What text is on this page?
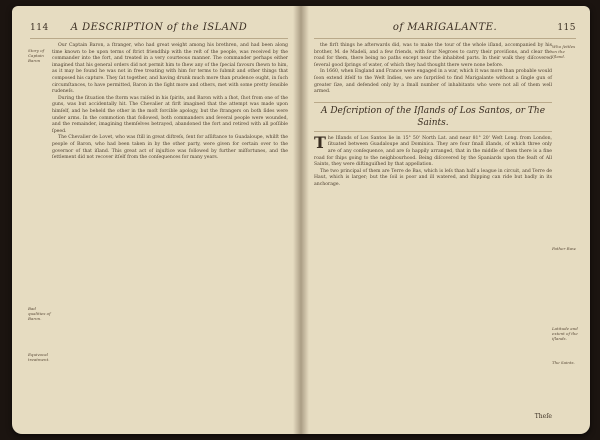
114	A DESCRIPTION of the ISLAND
Story of Captain Baron
Bad qualities of Baron.
Equivocal treatment.

Our Captain Baron, a ſtranger, who had great weight among his brethren, and had been along time known to be upon terms of ſtrict friendſhip with the reſt of the people, was received by the commander into the fort, and treated in a very courteous manner. The commander perhaps either imagined that his general orders did not permit him to ſhew any of the ſpecial favours ſhewn to him, as it may be found he was not in free treating with him for terms to ſubmit and other things that composed his capture. They ſat together, and having drunk much more than prudence ought, in ſuch circumſtances, to have permitted, Baron in the ſight more and others, met with some pretty ſensible rudeneſs.

During the ſituation the ſtorm was raiſed in his ſpirits, and Baron with a ſhot, ſhot from one of the guns, was but accidentally hit. The Chevalier at firſt imagined that the attempt was made upon himſelf, and he beheld the other in the moſt forcible apology, but the ſtrangers on both ſides were under arms. In the commotion that followed, both commanders and ſeveral people were wounded, and the remainder, imagining themſelves betrayed, abandoned the fort and retired with all poſſible ſpeed.

The Chevalier de Lovet, who was ſtill in great diſtreſs, ſent for aſſiſtance to Guadaloupe, whilſt the people of Baron, who had been taken in by the other party, were given for certain over to the governor of that iſland. This great act of injuſtice was followed by further miſfortunes, and the ſettlement did not recover itſelf from the conſequences for many years.

of MARIGALANTE.	115
Who ſettles on the Iſland.
Father Raw.
Latitude and extent of the iſlands.
The Saints.

the firſt things he afterwards did, was to make the tour of the whole iſland, accompanied by his brother, M. de Madeli, and a few friends, with four Negroes to carry their proviſions, and clear the road for them, there being no paths except near the inhabited parts. In their walk they diſcovered ſeveral good ſprings of water, of which they had thought there were none before.

In 1660, when England and France were engaged in a war, which it was more than probable would ſoon extend itſelf to the Weſt Indies, we are ſurpriſed to find Marigalante without a ſingle gun of greater ſize, and defended only by a ſmall number of inhabitants who were not all of them well armed.

A Deſcription of the Iſlands of Los Santos, or The Saints.

The Iſlands of Los Santos lie in 15° 50' North Lat. and near 81° 20' Weſt Long. from London, ſituated between Guadaloupe and Dominica. They are four ſmall iſlands, of which three only are of any conſequence, and are ſo happily arranged, that in the middle of them there is a fine road for ſhips going to the neighbourhood. Being diſcovered by the Spaniards upon the feaſt of All Saints, they were diſtinguiſhed by that appellation.

The two principal of them are Terre de Bas, which is leſs than half a league in circuit, and Terre de Haut, which is larger; but the ſoil is poor and ill watered, and ſhipping can ride but badly in its anchorage.

Theſe
